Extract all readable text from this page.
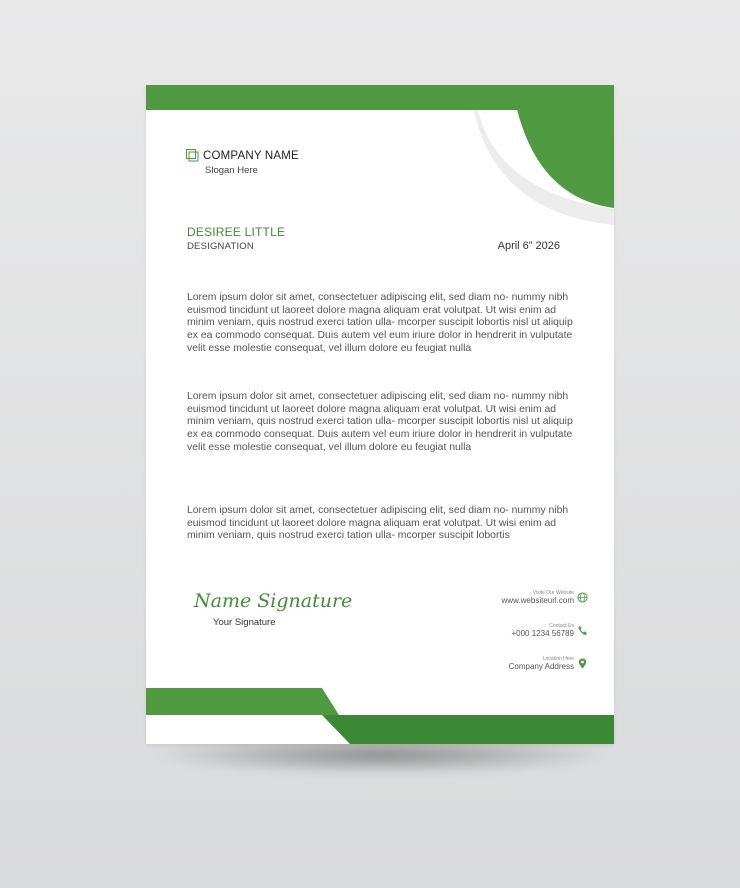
COMPANY NAME
Slogan Here
DESIREE LITTLE
DESIGNATION	April 6” 2026

Lorem ipsum dolor sit amet, consectetuer adipiscing elit, sed diam no- nummy nibh euismod tincidunt ut laoreet dolore magna aliquam erat volutpat. Ut wisi enim ad minim veniam, quis nostrud exerci tation ulla- mcorper suscipit lobortis nisl ut aliquip ex ea commodo consequat. Duis autem vel eum iriure dolor in hendrerit in vulputate velit esse molestie consequat, vel illum dolore eu feugiat nulla

Lorem ipsum dolor sit amet, consectetuer adipiscing elit, sed diam no- nummy nibh euismod tincidunt ut laoreet dolore magna aliquam erat volutpat. Ut wisi enim ad minim veniam, quis nostrud exerci tation ulla- mcorper suscipit lobortis nisl ut aliquip ex ea commodo consequat. Duis autem vel eum iriure dolor in hendrerit in vulputate velit esse molestie consequat, vel illum dolore eu feugiat nulla

Lorem ipsum dolor sit amet, consectetuer adipiscing elit, sed diam no- nummy nibh euismod tincidunt ut laoreet dolore magna aliquam erat volutpat. Ut wisi enim ad minim veniam, quis nostrud exerci tation ulla- mcorper suscipit lobortis

Name Signature
Your Signature
Visite Our Website
www.websiteurl.com
Contact Us
+000 1234 56789
Location Here
Company Address
